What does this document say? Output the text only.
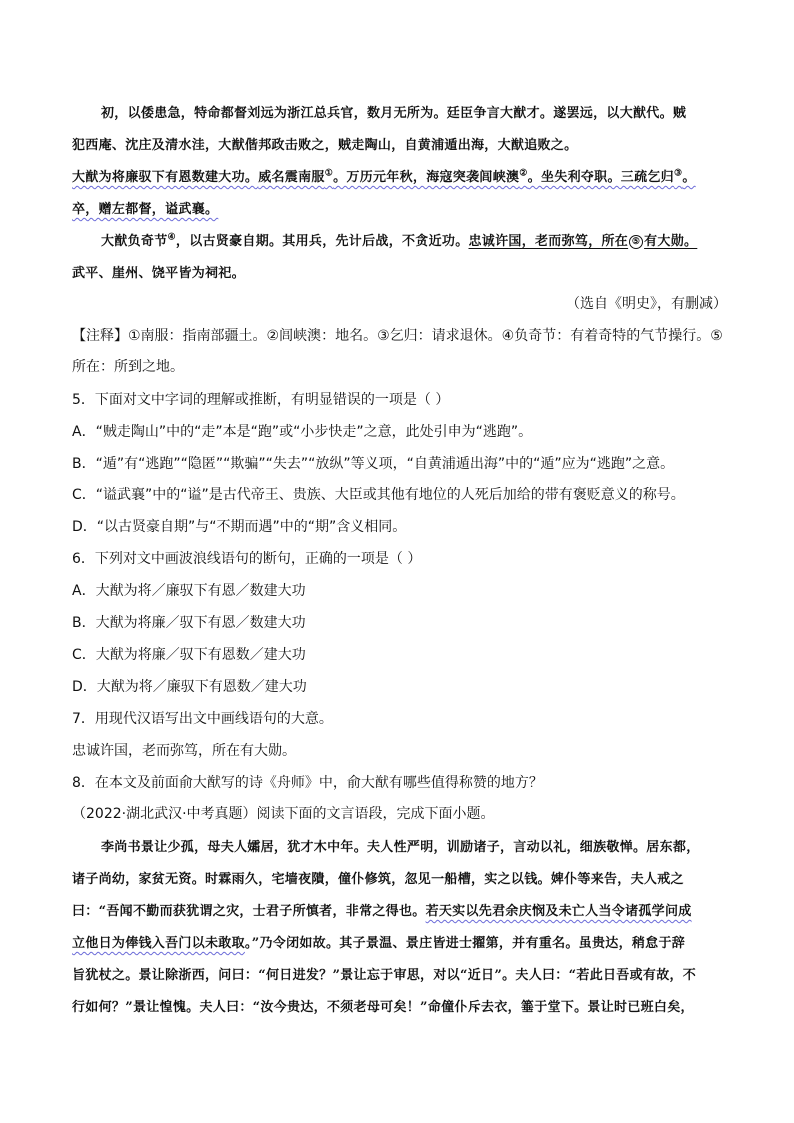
初，以倭患急，特命都督刘远为浙江总兵官，数月无所为。廷臣争言大猷才。遂罢远，以大猷代。贼
犯西庵、沈庄及清水洼，大猷偕邦政击败之，贼走陶山，自黄浦遁出海，大猷追败之。
大猷为将廉驭下有恩数建大功。威名震南服①。万历元年秋，海寇突袭闾峡澳②。坐失利夺职。三疏乞归③。
卒，赠左都督，谥武襄。
大猷负奇节④，以古贤豪自期。其用兵，先计后战，不贪近功。忠诚许国，老而弥笃，所在 ⑤ 有大勋。
武平、崖州、饶平皆为祠祀。
（选自《明史》，有删减）
【注释】①南服：指南部疆土。②闾峡澳：地名。③乞归：请求退休。④负奇节：有着奇特的气节操行。⑤
所在：所到之地。
5．下面对文中字词的理解或推断，有明显错误的一项是（ ）
A．“贼走陶山”中的“走”本是“跑”或“小步快走”之意，此处引申为“逃跑”。
B．“遁”有“逃跑”“隐匿”“欺骗”“失去”“放纵”等义项，“自黄浦遁出海”中的“遁”应为“逃跑”之意。
C．“谥武襄”中的“谥”是古代帝王、贵族、大臣或其他有地位的人死后加给的带有褒贬意义的称号。
D．“以古贤豪自期”与“不期而遇”中的“期”含义相同。
6．下列对文中画波浪线语句的断句，正确的一项是（ ）
A．大猷为将／廉驭下有恩／数建大功
B．大猷为将廉／驭下有恩／数建大功
C．大猷为将廉／驭下有恩数／建大功
D．大猷为将／廉驭下有恩数／建大功
7．用现代汉语写出文中画线语句的大意。
忠诚许国，老而弥笃，所在有大勋。
8．在本文及前面俞大猷写的诗《舟师》中，俞大猷有哪些值得称赞的地方？
（2022·湖北武汉·中考真题）阅读下面的文言语段，完成下面小题。
李尚书景让少孤，母夫人孀居，犹才木中年。夫人性严明，训励诸子，言动以礼，细族敬惮。居东都，
诸子尚幼，家贫无资。时霖雨久，宅墙夜隤，僮仆修筑，忽见一船槽，实之以钱。婢仆等来告，夫人戒之
曰：“吾闻不勤而获犹谓之灾，士君子所慎者，非常之得也。若天实以先君余庆悯及未亡人当令诸孤学问成
立他日为俸钱入吾门以未敢取。”乃令闭如故。其子景温、景庄皆进士擢第，并有重名。虽贵达，稍怠于辞
旨犹杖之。景让除浙西，问曰：“何日进发？”景让忘于审思，对以“近日”。夫人曰：“若此日吾或有故，不
行如何？”景让惶愧。夫人曰：“汝今贵达，不须老母可矣！”命僮仆斥去衣，箠于堂下。景让时已班白矣，
